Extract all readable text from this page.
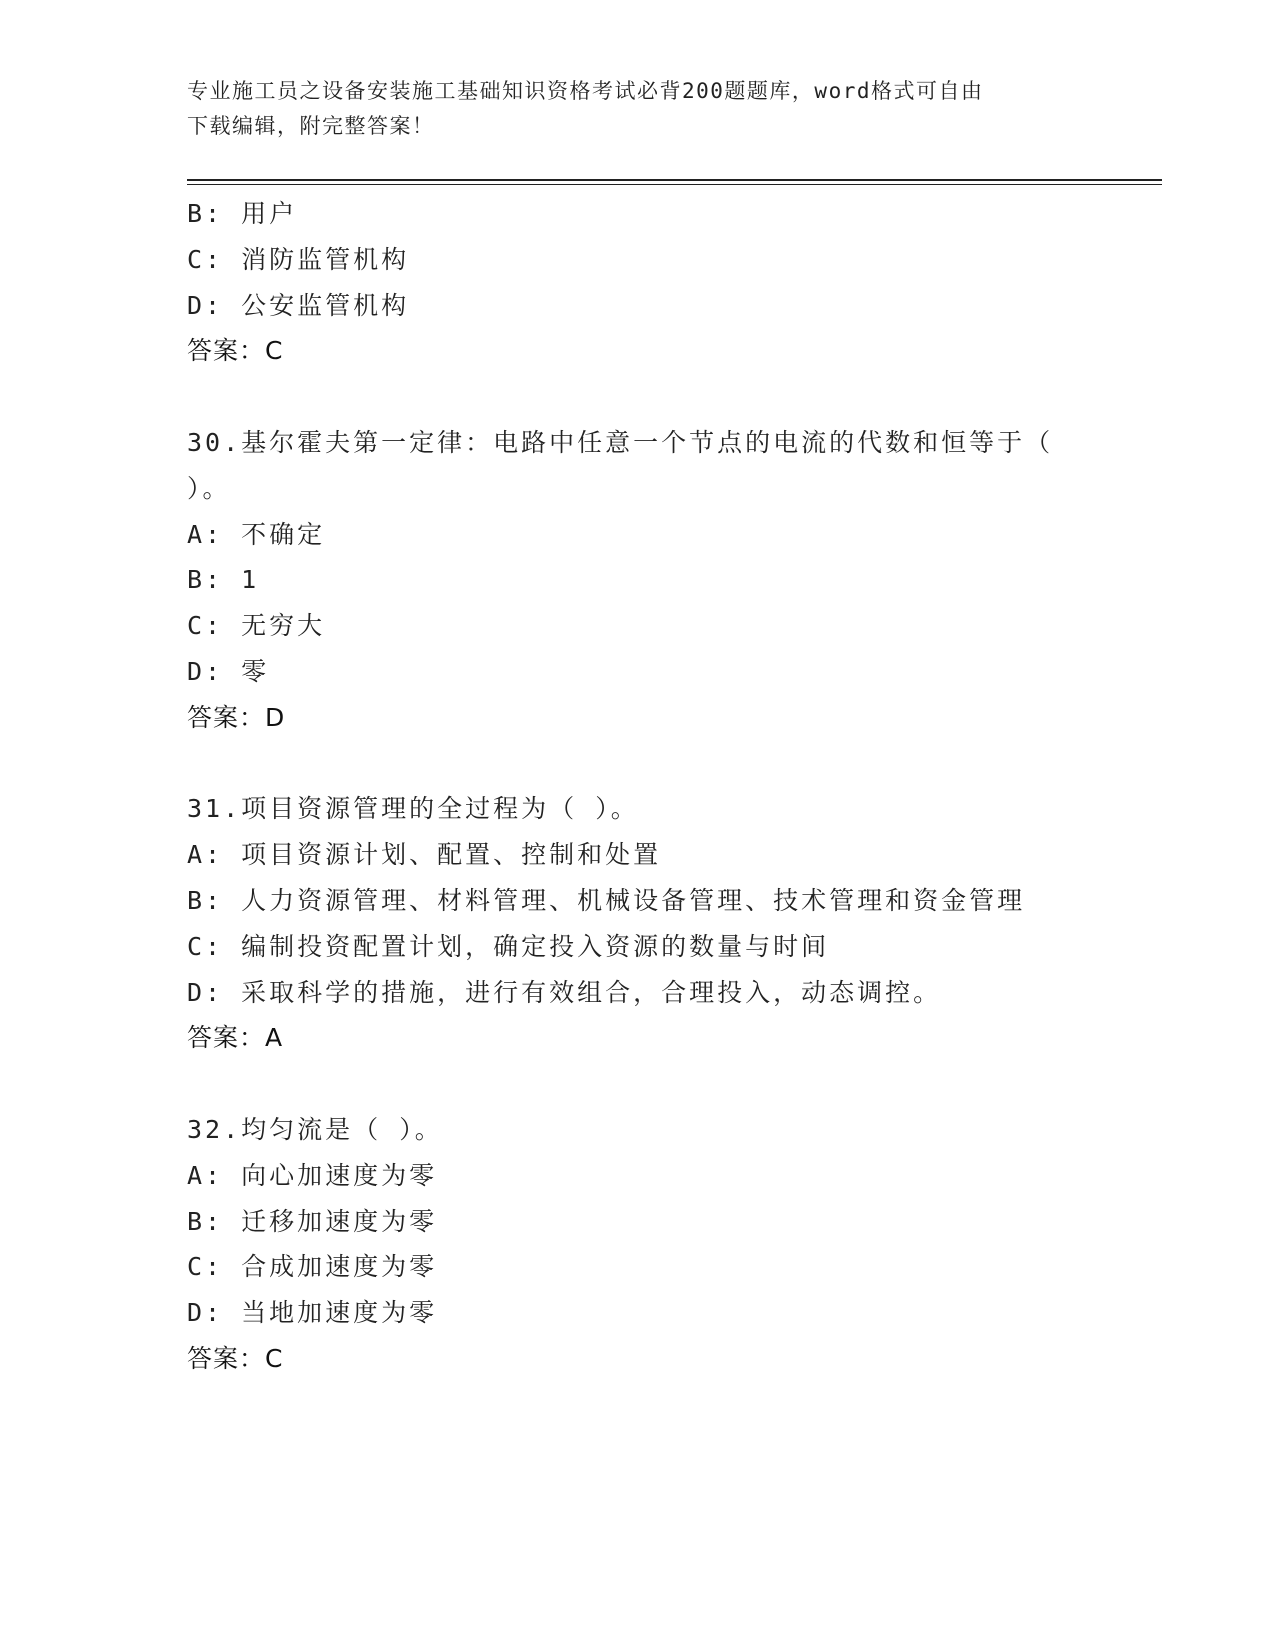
专业施工员之设备安装施工基础知识资格考试必背200题题库，word格式可自由
下载编辑，附完整答案！
B: 用户
C: 消防监管机构
D: 公安监管机构
答案：C
30.基尔霍夫第一定律：电路中任意一个节点的电流的代数和恒等于（
）。
A: 不确定
B: 1
C: 无穷大
D: 零
答案：D
31.项目资源管理的全过程为（ ）。
A: 项目资源计划、配置、控制和处置
B: 人力资源管理、材料管理、机械设备管理、技术管理和资金管理
C: 编制投资配置计划，确定投入资源的数量与时间
D: 采取科学的措施，进行有效组合，合理投入，动态调控。
答案：A
32.均匀流是（ ）。
A: 向心加速度为零
B: 迁移加速度为零
C: 合成加速度为零
D: 当地加速度为零
答案：C
